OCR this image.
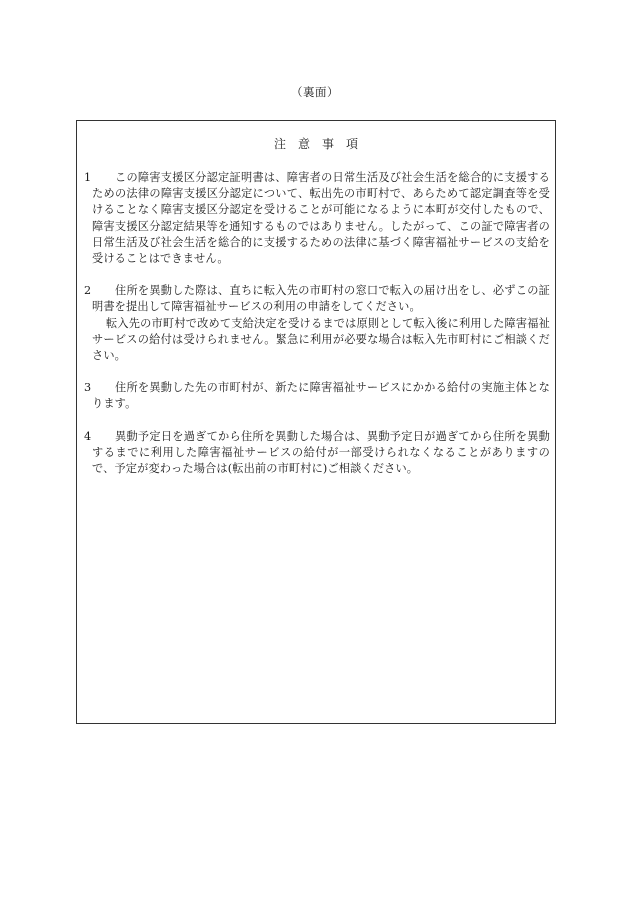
（裏面）
注　意　事　項
1	この障害支援区分認定証明書は、障害者の日常生活及び社会生活を総合的に支援するための法律の障害支援区分認定について、転出先の市町村で、あらためて認定調査等を受けることなく障害支援区分認定を受けることが可能になるように本町が交付したもので、障害支援区分認定結果等を通知するものではありません。したがって、この証で障害者の日常生活及び社会生活を総合的に支援するための法律に基づく障害福祉サービスの支給を受けることはできません。

2	住所を異動した際は、直ちに転入先の市町村の窓口で転入の届け出をし、必ずこの証明書を提出して障害福祉サービスの利用の申請をしてください。

転入先の市町村で改めて支給決定を受けるまでは原則として転入後に利用した障害福祉サービスの給付は受けられません。緊急に利用が必要な場合は転入先市町村にご相談ください。

3	住所を異動した先の市町村が、新たに障害福祉サービスにかかる給付の実施主体となります。

4	異動予定日を過ぎてから住所を異動した場合は、異動予定日が過ぎてから住所を異動するまでに利用した障害福祉サービスの給付が一部受けられなくなることがありますので、予定が変わった場合は(転出前の市町村に)ご相談ください。
